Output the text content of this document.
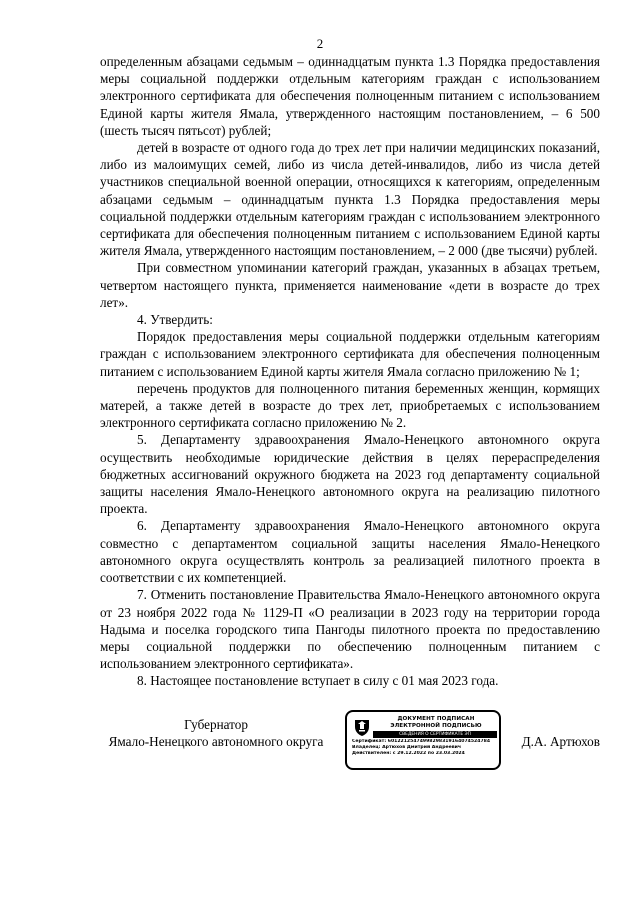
2

определенным абзацами седьмым – одиннадцатым пункта 1.3 Порядка предоставления меры социальной поддержки отдельным категориям граждан с использованием электронного сертификата для обеспечения полноценным питанием с использованием Единой карты жителя Ямала, утвержденного настоящим постановлением, – 6 500 (шесть тысяч пятьсот) рублей;

детей в возрасте от одного года до трех лет при наличии медицинских показаний, либо из малоимущих семей, либо из числа детей-инвалидов, либо из числа детей участников специальной военной операции, относящихся к категориям, определенным абзацами седьмым – одиннадцатым пункта 1.3 Порядка предоставления меры социальной поддержки отдельным категориям граждан с использованием электронного сертификата для обеспечения полноценным питанием с использованием Единой карты жителя Ямала, утвержденного настоящим постановлением, – 2 000 (две тысячи) рублей.

При совместном упоминании категорий граждан, указанных в абзацах третьем, четвертом настоящего пункта, применяется наименование «дети в возрасте до трех лет».

4. Утвердить:

Порядок предоставления меры социальной поддержки отдельным категориям граждан с использованием электронного сертификата для обеспечения полноценным питанием с использованием Единой карты жителя Ямала согласно приложению № 1;

перечень продуктов для полноценного питания беременных женщин, кормящих матерей, а также детей в возрасте до трех лет, приобретаемых с использованием электронного сертификата согласно приложению № 2.

5. Департаменту здравоохранения Ямало-Ненецкого автономного округа осуществить необходимые юридические действия в целях перераспределения бюджетных ассигнований окружного бюджета на 2023 год департаменту социальной защиты населения Ямало-Ненецкого автономного округа на реализацию пилотного проекта.

6. Департаменту здравоохранения Ямало-Ненецкого автономного округа совместно с департаментом социальной защиты населения Ямало-Ненецкого автономного округа осуществлять контроль за реализацией пилотного проекта в соответствии с их компетенцией.

7. Отменить постановление Правительства Ямало-Ненецкого автономного округа от 23 ноября 2022 года № 1129-П «О реализации в 2023 году на территории города Надыма и поселка городского типа Пангоды пилотного проекта по предоставлению меры социальной поддержки по обеспечению полноценным питанием с использованием электронного сертификата».

8. Настоящее постановление вступает в силу с 01 мая 2023 года.

Губернатор
Ямало-Ненецкого автономного округа
ДОКУМЕНТ ПОДПИСАН
ЭЛЕКТРОННОЙ ПОДПИСЬЮ
СВЕДЕНИЯ О СЕРТИФИКАТЕ ЭП
Сертификат: 60122125474998298319164074524784
Владелец: Артюхов Дмитрий Андреевич
Действителен: с 29.12.2022 по 23.03.2024
Д.А. Артюхов
